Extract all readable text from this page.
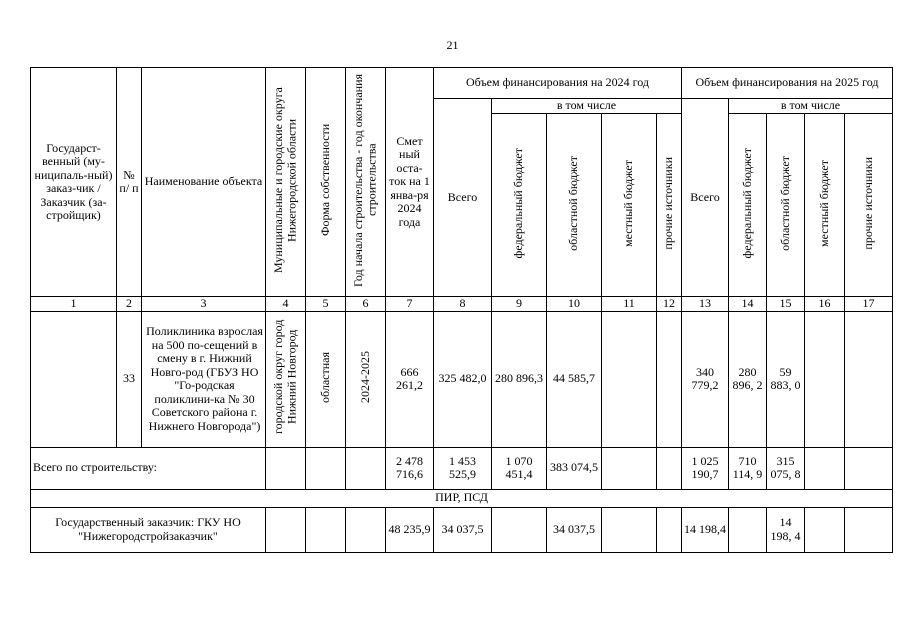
21
Государст-венный (му-ниципаль-ный) заказ-чик / Заказчик (за-стройщик)	№ п/ п	Наименование объекта	Муниципальные и городские округа Нижегородской области	Форма собственности	Год начала строительства - год окончания строительства	Смет ный оста-ток на 1 янва-ря 2024 года	Объем финансирования на 2024 год					Объем финансирования на 2025 год				
							Всего	в том числе				Всего	в том числе			
								федеральный бюджет	областной бюджет	местный бюджет	прочие источники		федеральный бюджет	областной бюджет	местный бюджет	прочие источники
1	2	3	4	5	6	7	8	9	10	11	12	13	14	15	16	17
	33	Поликлиника взрослая на 500 по-сещений в смену в г. Нижний Новго-род (ГБУЗ НО "Го-родская поликлини-ка № 30 Советского района г. Нижнего Новгорода")	городской округ город Нижний Новгород	областная	2024-2025	666 261,2	325 482,0	280 896,3	44 585,7			340 779,2	280 896, 2	59 883, 0		
Всего по строительству:						2 478 716,6	1 453 525,9	1 070 451,4	383 074,5			1 025 190,7	710 114, 9	315 075, 8		
ПИР, ПСД																
Государственный заказчик: ГКУ НО "Нижегородстройзаказчик"						48 235,9	34 037,5		34 037,5			14 198,4		14 198, 4		
